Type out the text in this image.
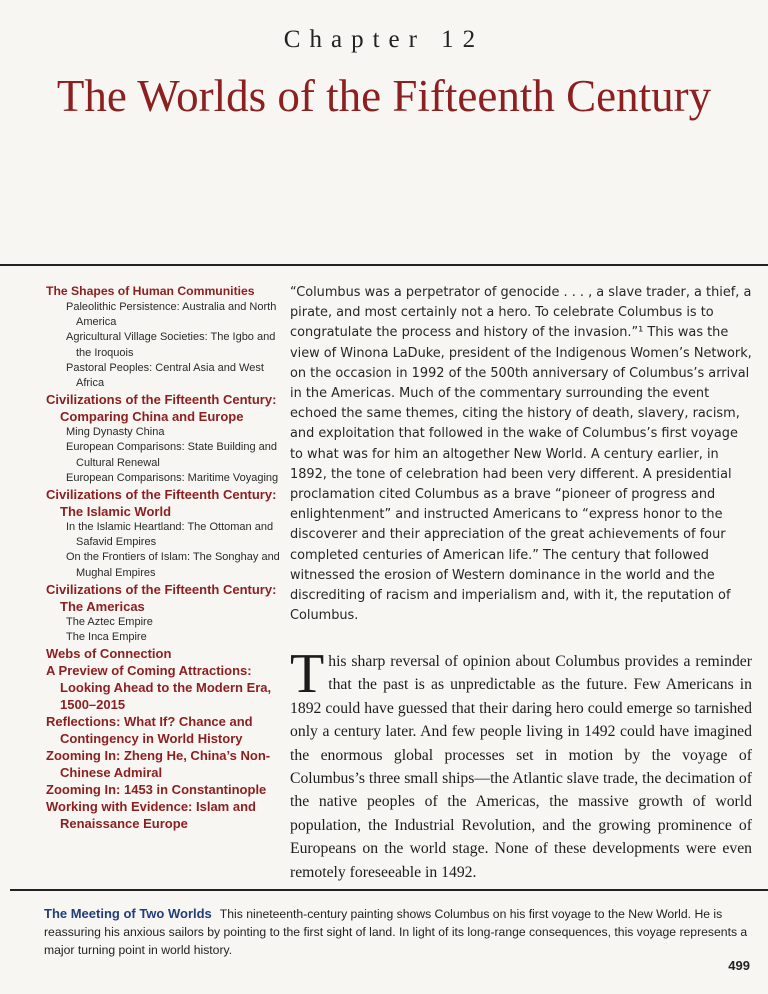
Chapter 12
The Worlds of the Fifteenth Century
The Shapes of Human Communities
Paleolithic Persistence: Australia and North America
Agricultural Village Societies: The Igbo and the Iroquois
Pastoral Peoples: Central Asia and West Africa
Civilizations of the Fifteenth Century: Comparing China and Europe
Ming Dynasty China
European Comparisons: State Building and Cultural Renewal
European Comparisons: Maritime Voyaging
Civilizations of the Fifteenth Century: The Islamic World
In the Islamic Heartland: The Ottoman and Safavid Empires
On the Frontiers of Islam: The Songhay and Mughal Empires
Civilizations of the Fifteenth Century: The Americas
The Aztec Empire
The Inca Empire
Webs of Connection
A Preview of Coming Attractions: Looking Ahead to the Modern Era, 1500–2015
Reflections: What If? Chance and Contingency in World History
Zooming In: Zheng He, China’s Non-Chinese Admiral
Zooming In: 1453 in Constantinople
Working with Evidence: Islam and Renaissance Europe
“Columbus was a perpetrator of genocide . . . , a slave trader, a thief, a pirate, and most certainly not a hero. To celebrate Columbus is to congratulate the process and history of the invasion.”¹ This was the view of Winona LaDuke, president of the Indigenous Women’s Network, on the occasion in 1992 of the 500th anniversary of Columbus’s arrival in the Americas. Much of the commentary surrounding the event echoed the same themes, citing the history of death, slavery, racism, and exploitation that followed in the wake of Columbus’s first voyage to what was for him an altogether New World. A century earlier, in 1892, the tone of celebration had been very different. A presidential proclamation cited Columbus as a brave “pioneer of progress and enlightenment” and instructed Americans to “express honor to the discoverer and their appreciation of the great achievements of four completed centuries of American life.” The century that followed witnessed the erosion of Western dominance in the world and the discrediting of racism and imperialism and, with it, the reputation of Columbus.
This sharp reversal of opinion about Columbus provides a reminder that the past is as unpredictable as the future. Few Americans in 1892 could have guessed that their daring hero could emerge so tarnished only a century later. And few people living in 1492 could have imagined the enormous global processes set in motion by the voyage of Columbus’s three small ships—the Atlantic slave trade, the decimation of the native peoples of the Americas, the massive growth of world population, the Industrial Revolution, and the growing prominence of Europeans on the world stage. None of these developments were even remotely foreseeable in 1492.
The Meeting of Two Worlds This nineteenth-century painting shows Columbus on his first voyage to the New World. He is reassuring his anxious sailors by pointing to the first sight of land. In light of its long-range consequences, this voyage represents a major turning point in world history.
499
